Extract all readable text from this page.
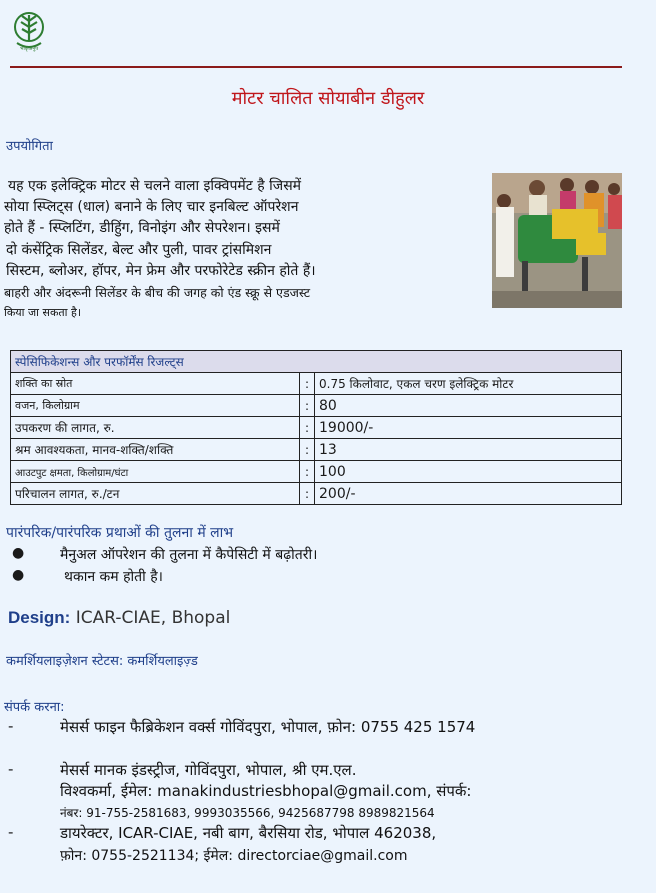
भाकृअनुप
मोटर चालित सोयाबीन डीहुलर
उपयोगिता
यह एक इलेक्ट्रिक मोटर से चलने वाला इक्विपमेंट है जिसमें
सोया स्प्लिट्स (धाल) बनाने के लिए चार इनबिल्ट ऑपरेशन
होते हैं - स्प्लिटिंग, डीहुिंग, विनोइंग और सेपरेशन। इसमें
दो कंसेंट्रिक सिलेंडर, बेल्ट और पुली, पावर ट्रांसमिशन
सिस्टम, ब्लोअर, हॉपर, मेन फ्रेम और परफोरेटेड स्क्रीन होते हैं।
बाहरी और अंदरूनी सिलेंडर के बीच की जगह को एंड स्क्रू से एडजस्ट
किया जा सकता है।
स्पेसिफिकेशन्स और परफॉर्मेंस रिजल्ट्स		
शक्ति का स्रोत	:	0.75 किलोवाट, एकल चरण इलेक्ट्रिक मोटर
वजन, किलोग्राम	:	80
उपकरण की लागत, रु.	:	19000/-
श्रम आवश्यकता, मानव-शक्ति/शक्ति	:	13
आउटपुट क्षमता, किलोग्राम/घंटा	:	100
परिचालन लागत, रु./टन	:	200/-
पारंपरिक/पारंपरिक प्रथाओं की तुलना में लाभ
●	मैनुअल ऑपरेशन की तुलना में कैपेसिटी में बढ़ोतरी।
●	थकान कम होती है।
Design: ICAR-CIAE, Bhopal
कमर्शियलाइज़ेशन स्टेटस: कमर्शियलाइज़्ड
संपर्क करना:
-	मेसर्स फाइन फैब्रिकेशन वर्क्स गोविंदपुरा, भोपाल, फ़ोन: 0755 425 1574
-	मेसर्स मानक इंडस्ट्रीज, गोविंदपुरा, भोपाल, श्री एम.एल.
विश्वकर्मा, ईमेल: manakindustriesbhopal@gmail.com, संपर्क:
नंबर: 91-755-2581683, 9993035566, 9425687798 8989821564
-	डायरेक्टर, ICAR-CIAE, नबी बाग, बैरसिया रोड, भोपाल 462038,
फ़ोन: 0755-2521134; ईमेल: directorciae@gmail.com
